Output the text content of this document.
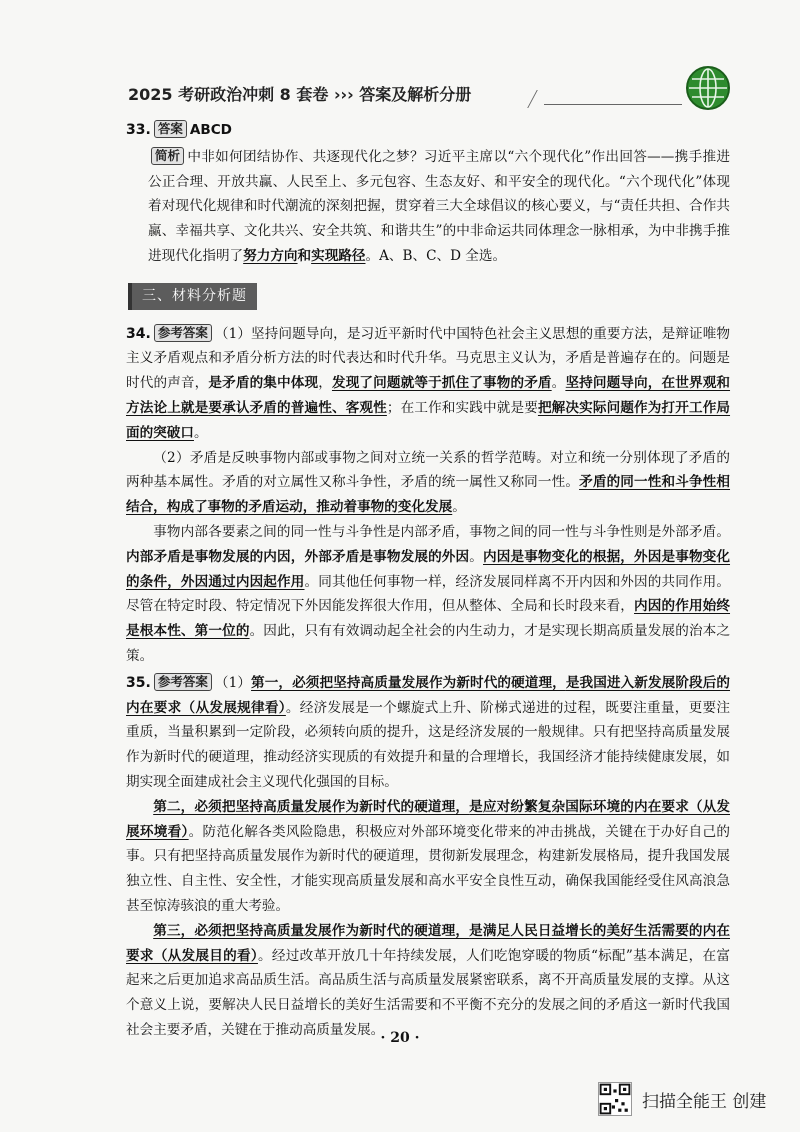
2025 考研政治冲刺 8 套卷 ››› 答案及解析分册

33. 答案 ABCD

简析 中非如何团结协作、共逐现代化之梦？习近平主席以“六个现代化”作出回答——携手推进公正合理、开放共赢、人民至上、多元包容、生态友好、和平安全的现代化。“六个现代化”体现着对现代化规律和时代潮流的深刻把握，贯穿着三大全球倡议的核心要义，与“责任共担、合作共赢、幸福共享、文化共兴、安全共筑、和谐共生”的中非命运共同体理念一脉相承，为中非携手推进现代化指明了努力方向和实现路径。A、B、C、D 全选。

三、材料分析题

34. 参考答案 （1）坚持问题导向，是习近平新时代中国特色社会主义思想的重要方法，是辩证唯物主义矛盾观点和矛盾分析方法的时代表达和时代升华。马克思主义认为，矛盾是普遍存在的。问题是时代的声音，是矛盾的集中体现，发现了问题就等于抓住了事物的矛盾。坚持问题导向，在世界观和方法论上就是要承认矛盾的普遍性、客观性；在工作和实践中就是要把解决实际问题作为打开工作局面的突破口。

（2）矛盾是反映事物内部或事物之间对立统一关系的哲学范畴。对立和统一分别体现了矛盾的两种基本属性。矛盾的对立属性又称斗争性，矛盾的统一属性又称同一性。矛盾的同一性和斗争性相结合，构成了事物的矛盾运动，推动着事物的变化发展。

事物内部各要素之间的同一性与斗争性是内部矛盾，事物之间的同一性与斗争性则是外部矛盾。内部矛盾是事物发展的内因，外部矛盾是事物发展的外因。内因是事物变化的根据，外因是事物变化的条件，外因通过内因起作用。同其他任何事物一样，经济发展同样离不开内因和外因的共同作用。尽管在特定时段、特定情况下外因能发挥很大作用，但从整体、全局和长时段来看，内因的作用始终是根本性、第一位的。因此，只有有效调动起全社会的内生动力，才是实现长期高质量发展的治本之策。

35. 参考答案 （1）第一，必须把坚持高质量发展作为新时代的硬道理，是我国进入新发展阶段后的内在要求（从发展规律看）。经济发展是一个螺旋式上升、阶梯式递进的过程，既要注重量，更要注重质，当量积累到一定阶段，必须转向质的提升，这是经济发展的一般规律。只有把坚持高质量发展作为新时代的硬道理，推动经济实现质的有效提升和量的合理增长，我国经济才能持续健康发展，如期实现全面建成社会主义现代化强国的目标。

第二，必须把坚持高质量发展作为新时代的硬道理，是应对纷繁复杂国际环境的内在要求（从发展环境看）。防范化解各类风险隐患，积极应对外部环境变化带来的冲击挑战，关键在于办好自己的事。只有把坚持高质量发展作为新时代的硬道理，贯彻新发展理念，构建新发展格局，提升我国发展独立性、自主性、安全性，才能实现高质量发展和高水平安全良性互动，确保我国能经受住风高浪急甚至惊涛骇浪的重大考验。

第三，必须把坚持高质量发展作为新时代的硬道理，是满足人民日益增长的美好生活需要的内在要求（从发展目的看）。经过改革开放几十年持续发展，人们吃饱穿暖的物质“标配”基本满足，在富起来之后更加追求高品质生活。高品质生活与高质量发展紧密联系，离不开高质量发展的支撑。从这个意义上说，要解决人民日益增长的美好生活需要和不平衡不充分的发展之间的矛盾这一新时代我国社会主要矛盾，关键在于推动高质量发展。

· 20 ·
扫描全能王 创建
